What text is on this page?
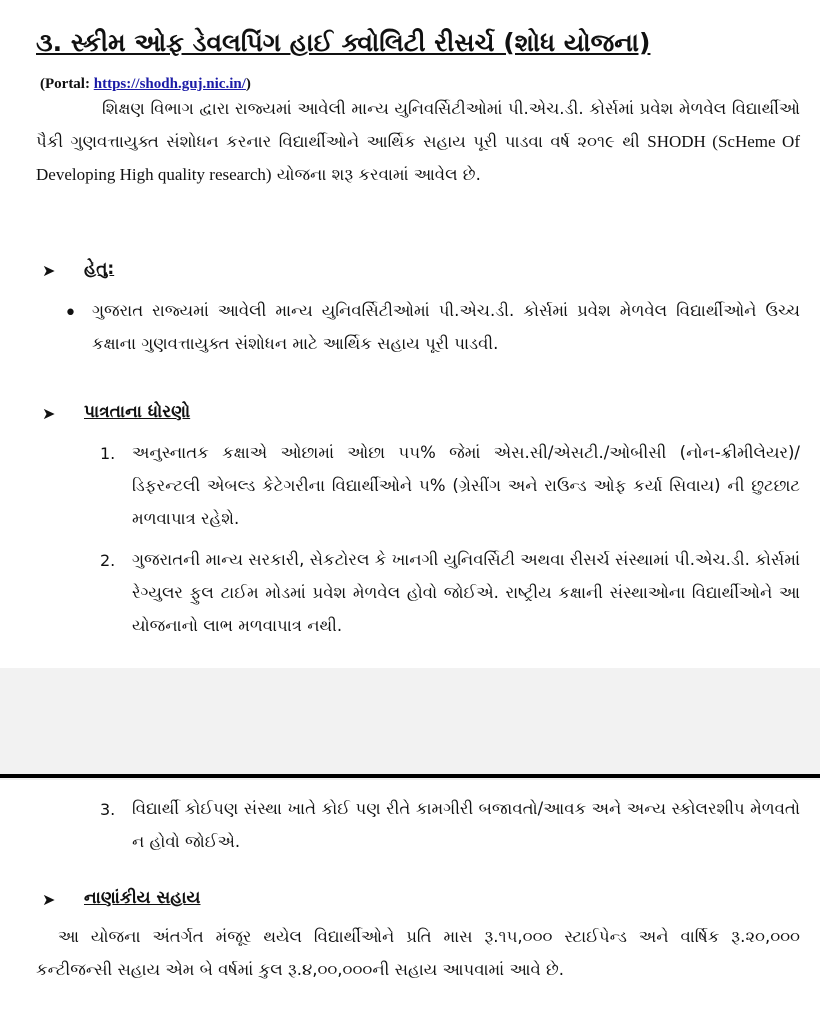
૩. સ્કીમ ઓફ ડેવલપિંગ હાઈ ક્વોલિટી રીસર્ચ (શોધ યોજના)
(Portal: https://shodh.guj.nic.in/)
શિક્ષણ વિભાગ દ્વારા રાજ્યમાં આવેલી માન્ય યુનિવર્સિટીઓમાં પી.એચ.ડી. કોર્સમાં પ્રવેશ મેળવેલ વિદ્યાર્થીઓ પૈકી ગુણવત્તાયુક્ત સંશોધન કરનાર વિદ્યાર્થીઓને આર્થિક સહાય પૂરી પાડવા વર્ષ ૨૦૧૯ થી SHODH (ScHeme Of Developing High quality research) યોજના શરૂ કરવામાં આવેલ છે.
➤ હેતુ:
• ગુજરાત રાજ્યમાં આવેલી માન્ય યુનિવર્સિટીઓમાં પી.એચ.ડી. કોર્સમાં પ્રવેશ મેળવેલ વિદ્યાર્થીઓને ઉચ્ચ કક્ષાના ગુણવત્તાયુક્ત સંશોધન માટે આર્થિક સહાય પૂરી પાડવી.
➤ પાત્રતાના ધોરણો
1. અનુસ્નાતક કક્ષાએ ઓછામાં ઓછા ૫૫% જેમાં એસ.સી/એસટી./ઓબીસી (નોન-ક્રીમીલેયર)/ડિફરન્ટલી એબલ્ડ કેટેગરીના વિદ્યાર્થીઓને ૫% (ગ્રેસીંગ અને રાઉન્ડ ઓફ કર્યા સિવાય) ની છુટછાટ મળવાપાત્ર રહેશે.
2. ગુજરાતની માન્ય સરકારી, સેકટોરલ કે ખાનગી યુનિવર્સિટી અથવા રીસર્ચ સંસ્થામાં પી.એચ.ડી. કોર્સમાં રેગ્યુલર ફુલ ટાઈમ મોડમાં પ્રવેશ મેળવેલ હોવો જોઈએ. રાષ્ટ્રીય કક્ષાની સંસ્થાઓના વિદ્યાર્થીઓને આ યોજનાનો લાભ મળવાપાત્ર નથી.
3. વિદ્યાર્થી કોઈપણ સંસ્થા ખાતે કોઈ પણ રીતે કામગીરી બજાવતો/આવક અને અન્ય સ્કોલરશીપ મેળવતો ન હોવો જોઈએ.
➤ નાણાંકીય સહાય
આ યોજના અંતર્ગત મંજૂર થયેલ વિદ્યાર્થીઓને પ્રતિ માસ રૂ.૧૫,૦૦૦ સ્ટાઈપેન્ડ અને વાર્ષિક રૂ.૨૦,૦૦૦ કન્ટીજન્સી સહાય એમ બે વર્ષમાં કુલ રૂ.૪,૦૦,૦૦૦ની સહાય આપવામાં આવે છે.
